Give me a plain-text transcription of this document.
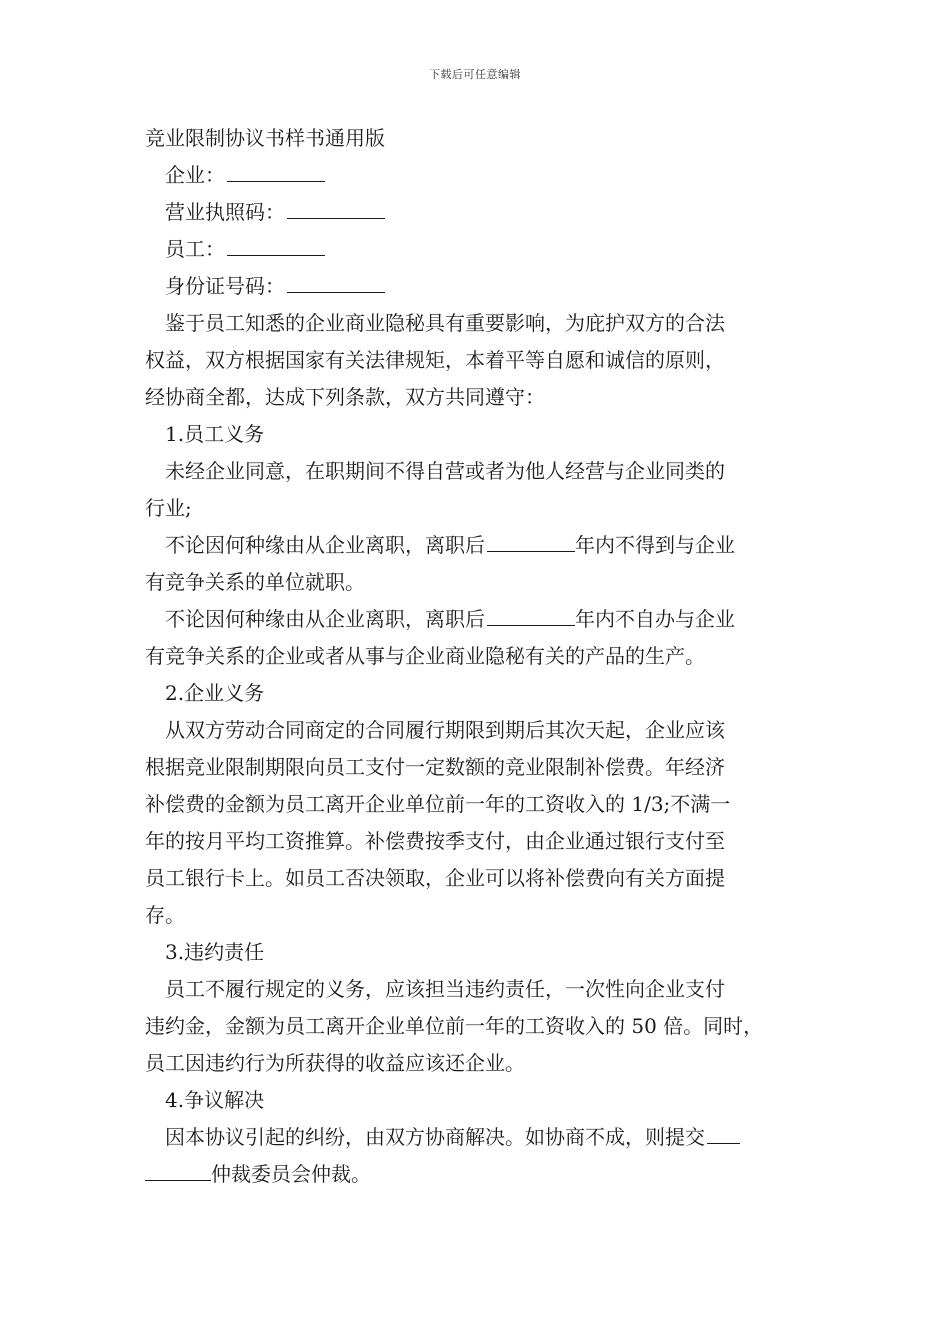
下载后可任意编辑

竞业限制协议书样书通用版

企业：

营业执照码：

员工：

身份证号码：

鉴于员工知悉的企业商业隐秘具有重要影响，为庇护双方的合法

权益，双方根据国家有关法律规矩，本着平等自愿和诚信的原则，

经协商全都，达成下列条款，双方共同遵守：

1.员工义务

未经企业同意，在职期间不得自营或者为他人经营与企业同类的

行业;

不论因何种缘由从企业离职，离职后	年内不得到与企业

有竞争关系的单位就职。

不论因何种缘由从企业离职，离职后	年内不自办与企业

有竞争关系的企业或者从事与企业商业隐秘有关的产品的生产。

2.企业义务

从双方劳动合同商定的合同履行期限到期后其次天起，企业应该

根据竞业限制期限向员工支付一定数额的竞业限制补偿费。年经济

补偿费的金额为员工离开企业单位前一年的工资收入的 1/3;不满一

年的按月平均工资推算。补偿费按季支付，由企业通过银行支付至

员工银行卡上。如员工否决领取，企业可以将补偿费向有关方面提

存。

3.违约责任

员工不履行规定的义务，应该担当违约责任，一次性向企业支付

违约金，金额为员工离开企业单位前一年的工资收入的 50 倍。同时，

员工因违约行为所获得的收益应该还企业。

4.争议解决

因本协议引起的纠纷，由双方协商解决。如协商不成，则提交

仲裁委员会仲裁。
